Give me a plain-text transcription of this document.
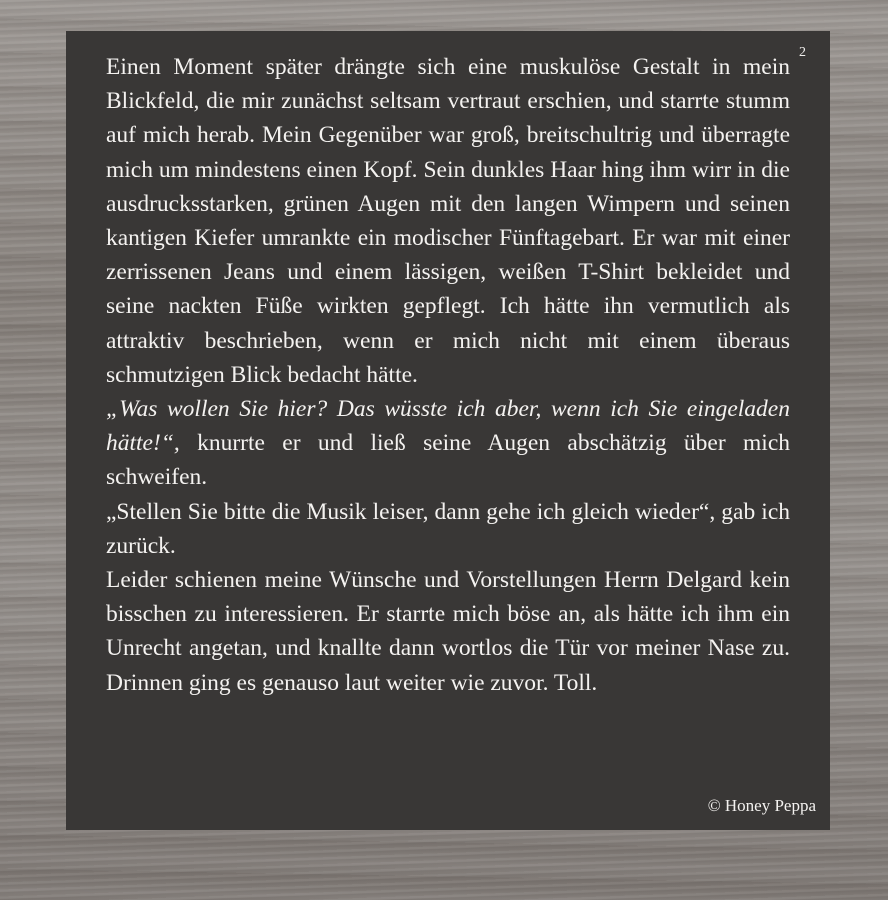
2

Einen Moment später drängte sich eine muskulöse Gestalt in mein Blickfeld, die mir zunächst seltsam vertraut erschien, und starrte stumm auf mich herab. Mein Gegenüber war groß, breitschultrig und überragte mich um mindestens einen Kopf. Sein dunkles Haar hing ihm wirr in die ausdrucksstarken, grünen Augen mit den langen Wimpern und seinen kantigen Kiefer umrankte ein modischer Fünftagebart. Er war mit einer zerrissenen Jeans und einem lässigen, weißen T-Shirt bekleidet und seine nackten Füße wirkten gepflegt. Ich hätte ihn vermutlich als attraktiv beschrieben, wenn er mich nicht mit einem überaus schmutzigen Blick bedacht hätte.

„Was wollen Sie hier? Das wüsste ich aber, wenn ich Sie eingeladen hätte!“, knurrte er und ließ seine Augen abschätzig über mich schweifen.

„Stellen Sie bitte die Musik leiser, dann gehe ich gleich wieder“, gab ich zurück.

Leider schienen meine Wünsche und Vorstellungen Herrn Delgard kein bisschen zu interessieren. Er starrte mich böse an, als hätte ich ihm ein Unrecht angetan, und knallte dann wortlos die Tür vor meiner Nase zu. Drinnen ging es genauso laut weiter wie zuvor. Toll.

© Honey Peppa
